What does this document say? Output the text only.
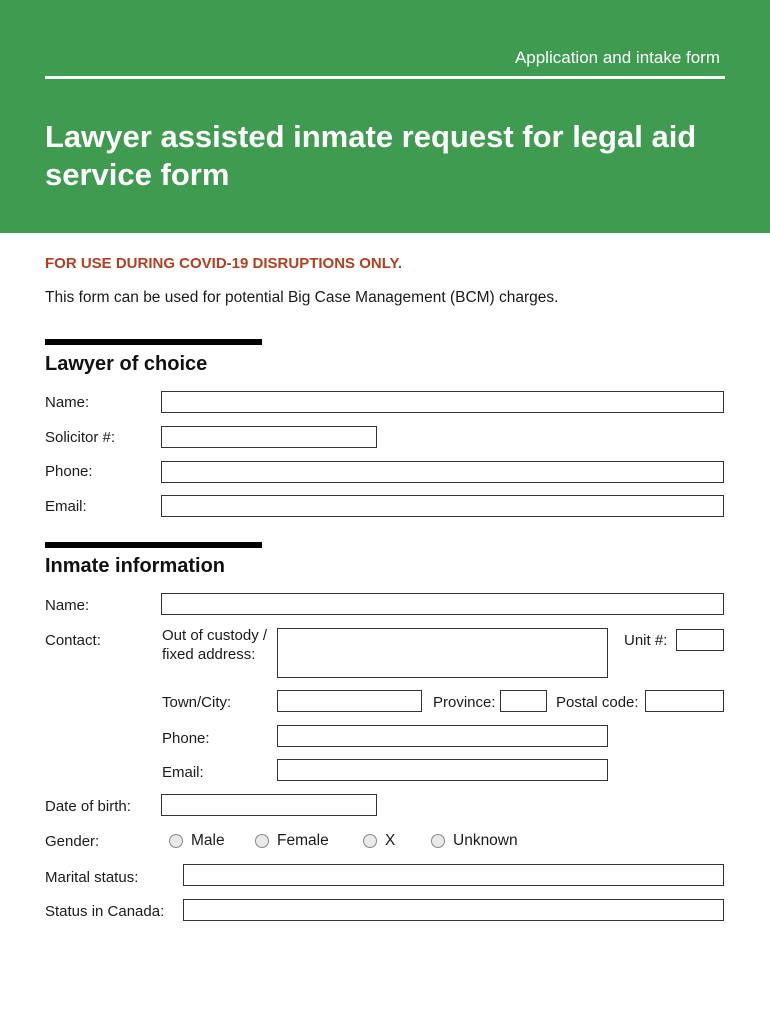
Application and intake form
Lawyer assisted inmate request for legal aid service form
FOR USE DURING COVID-19 DISRUPTIONS ONLY.
This form can be used for potential Big Case Management (BCM) charges.
Lawyer of choice
Name:
Solicitor #:
Phone:
Email:
Inmate information
Name:
Contact:	Out of custody / fixed address:
Unit #:
Town/City:	Province:	Postal code:
Phone:
Email:
Date of birth:
Gender:	Male	Female	X	Unknown
Marital status:
Status in Canada:
